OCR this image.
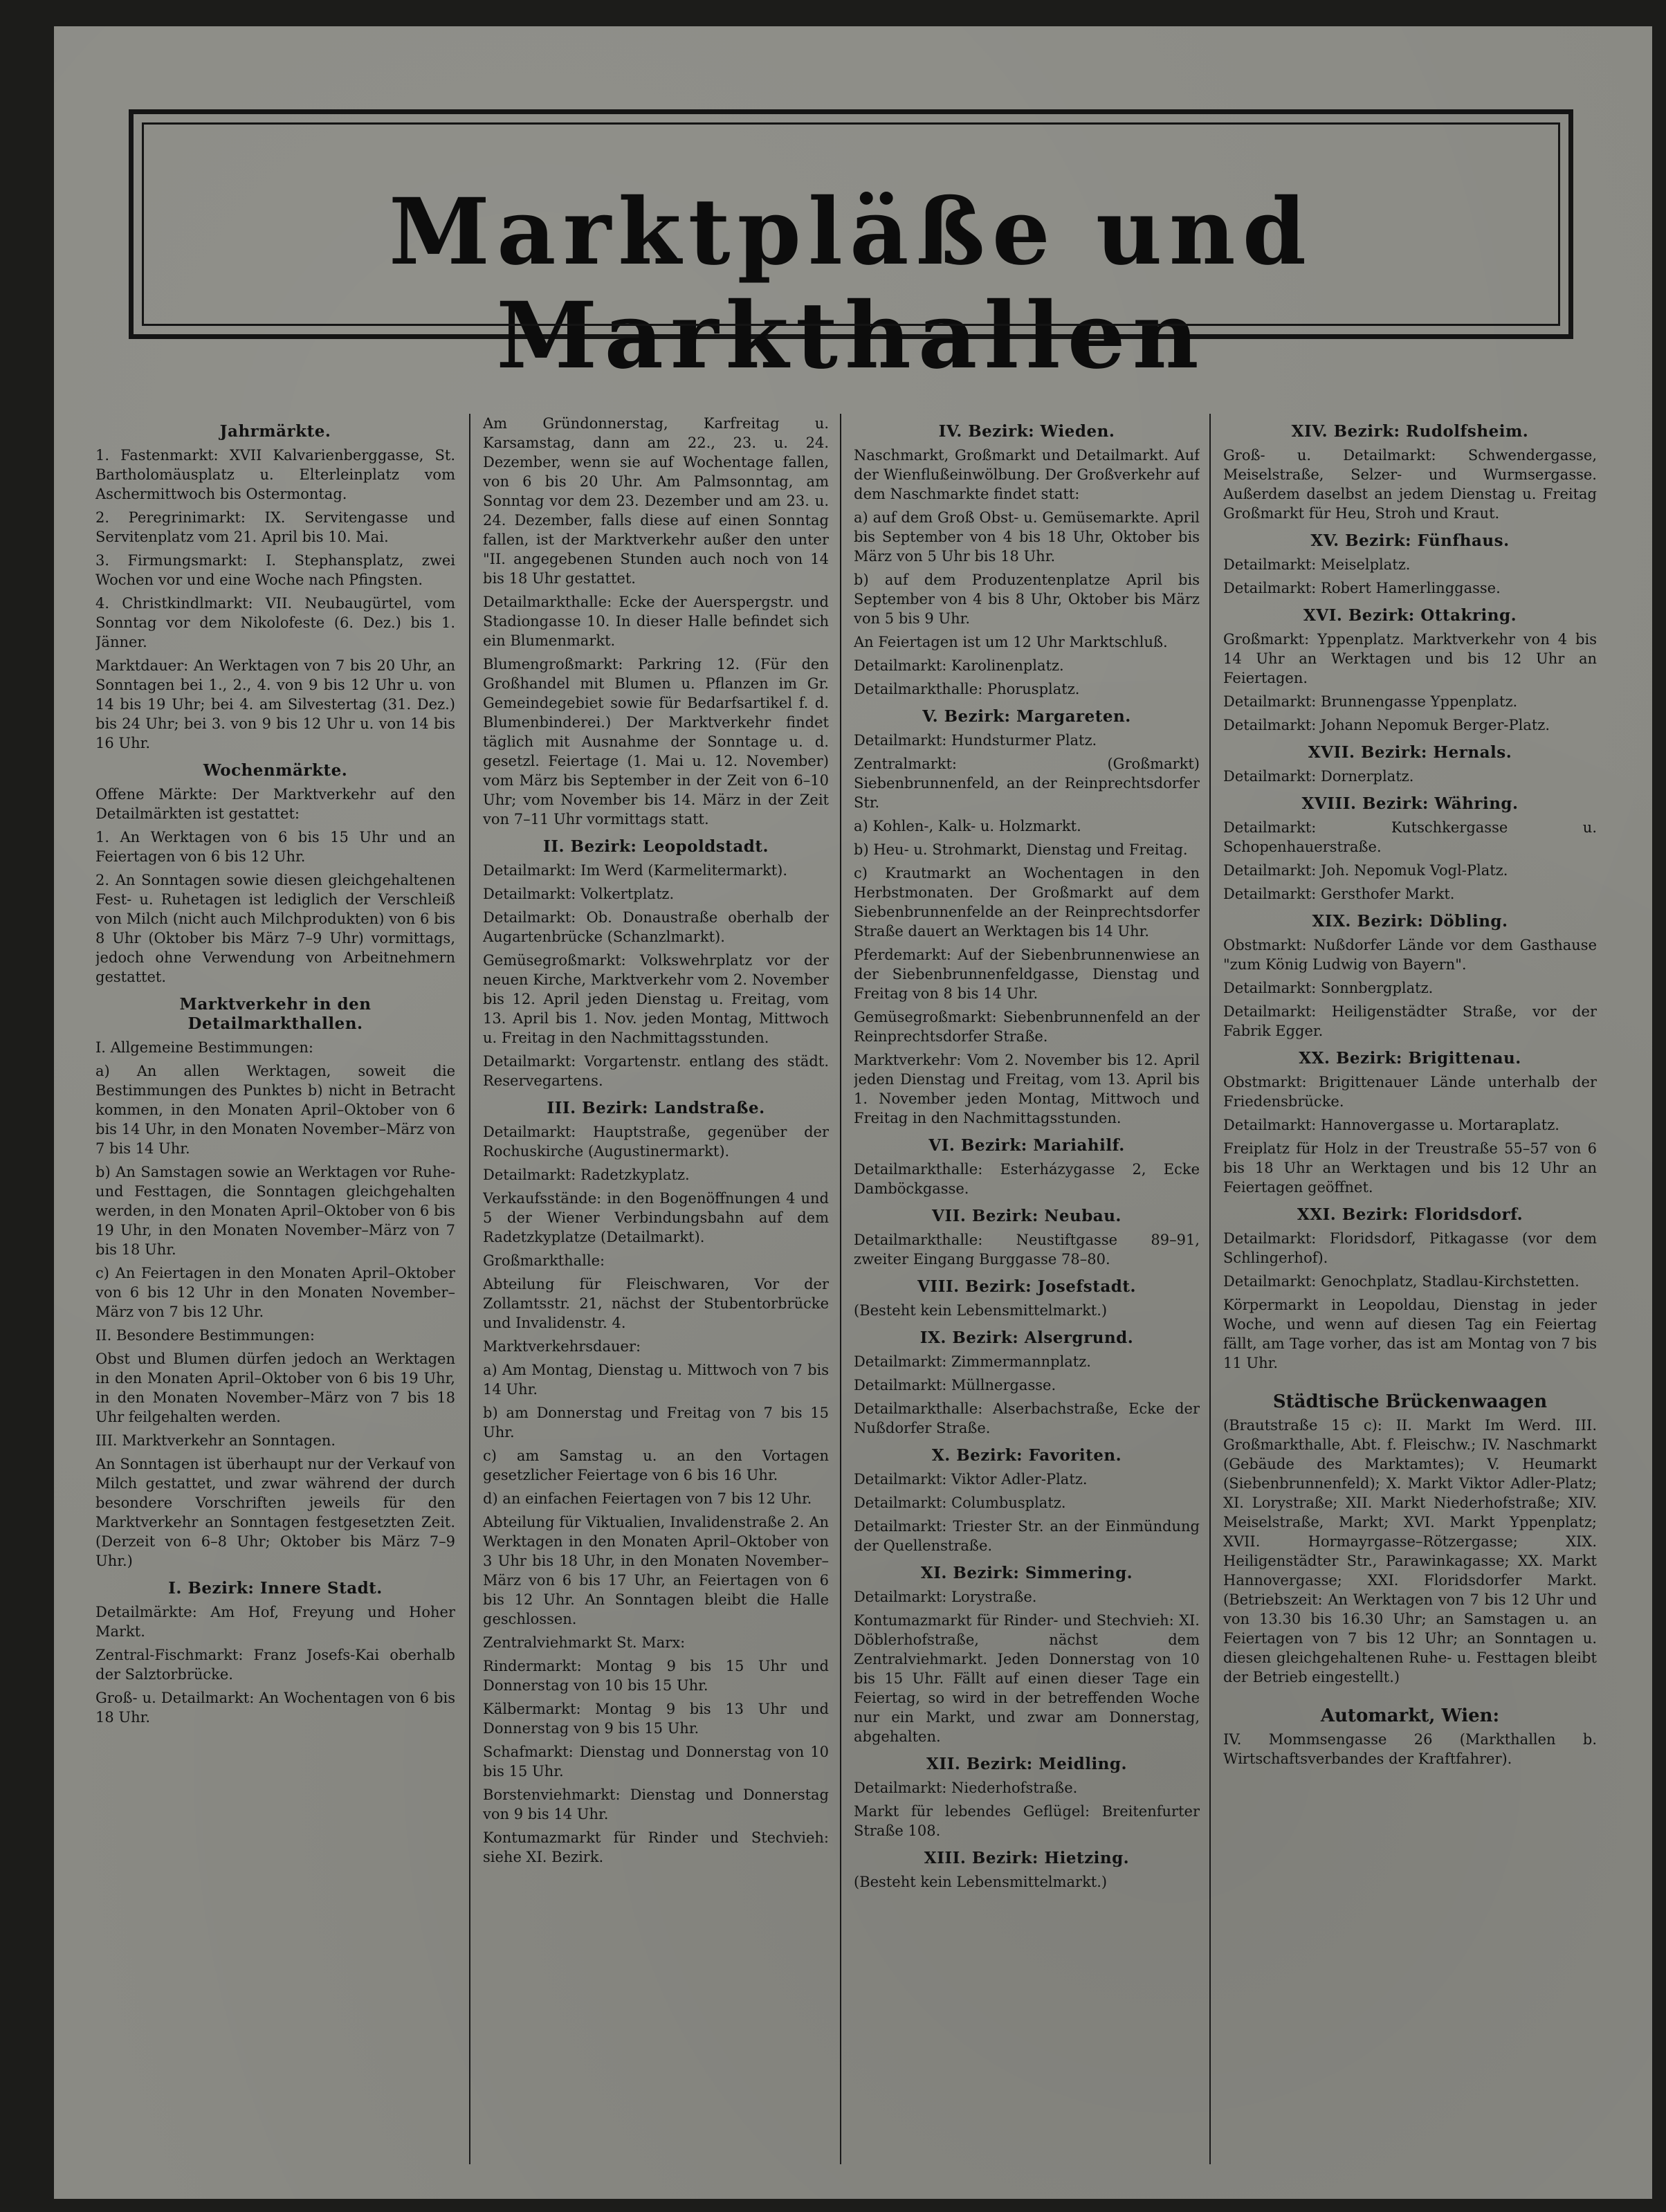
Marktpläße und Markthallen
Jahrmärkte.

1. Fastenmarkt: XVII Kalvarienberggasse, St. Bartholomäusplatz u. Elterleinplatz vom Aschermittwoch bis Ostermontag.

2. Peregrinimarkt: IX. Servitengasse und Servitenplatz vom 21. April bis 10. Mai.

3. Firmungsmarkt: I. Stephansplatz, zwei Wochen vor und eine Woche nach Pfingsten.

4. Christkindlmarkt: VII. Neubaugürtel, vom Sonntag vor dem Nikolofeste (6. Dez.) bis 1. Jänner.

Marktdauer: An Werktagen von 7 bis 20 Uhr, an Sonntagen bei 1., 2., 4. von 9 bis 12 Uhr u. von 14 bis 19 Uhr; bei 4. am Silvestertag (31. Dez.) bis 24 Uhr; bei 3. von 9 bis 12 Uhr u. von 14 bis 16 Uhr.

Wochenmärkte.

Offene Märkte: Der Marktverkehr auf den Detailmärkten ist gestattet:

1. An Werktagen von 6 bis 15 Uhr und an Feiertagen von 6 bis 12 Uhr.

2. An Sonntagen sowie diesen gleichgehaltenen Fest- u. Ruhetagen ist lediglich der Verschleiß von Milch (nicht auch Milchprodukten) von 6 bis 8 Uhr (Oktober bis März 7–9 Uhr) vormittags, jedoch ohne Verwendung von Arbeitnehmern gestattet.

Marktverkehr in den Detailmarkthallen.

I. Allgemeine Bestimmungen:

a) An allen Werktagen, soweit die Bestimmungen des Punktes b) nicht in Betracht kommen, in den Monaten April–Oktober von 6 bis 14 Uhr, in den Monaten November–März von 7 bis 14 Uhr.

b) An Samstagen sowie an Werktagen vor Ruhe- und Festtagen, die Sonntagen gleichgehalten werden, in den Monaten April–Oktober von 6 bis 19 Uhr, in den Monaten November–März von 7 bis 18 Uhr.

c) An Feiertagen in den Monaten April–Oktober von 6 bis 12 Uhr in den Monaten November–März von 7 bis 12 Uhr.

II. Besondere Bestimmungen:

Obst und Blumen dürfen jedoch an Werktagen in den Monaten April–Oktober von 6 bis 19 Uhr, in den Monaten November–März von 7 bis 18 Uhr feilgehalten werden.

III. Marktverkehr an Sonntagen.

An Sonntagen ist überhaupt nur der Verkauf von Milch gestattet, und zwar während der durch besondere Vorschriften jeweils für den Marktverkehr an Sonntagen festgesetzten Zeit. (Derzeit von 6–8 Uhr; Oktober bis März 7–9 Uhr.)

I. Bezirk: Innere Stadt.

Detailmärkte: Am Hof, Freyung und Hoher Markt.

Zentral-Fischmarkt: Franz Josefs-Kai oberhalb der Salztorbrücke.

Groß- u. Detailmarkt: An Wochentagen von 6 bis 18 Uhr.

Am Gründonnerstag, Karfreitag u. Karsamstag, dann am 22., 23. u. 24. Dezember, wenn sie auf Wochentage fallen, von 6 bis 20 Uhr. Am Palmsonntag, am Sonntag vor dem 23. Dezember und am 23. u. 24. Dezember, falls diese auf einen Sonntag fallen, ist der Marktverkehr außer den unter "II. angegebenen Stunden auch noch von 14 bis 18 Uhr gestattet.

Detailmarkthalle: Ecke der Auerspergstr. und Stadiongasse 10. In dieser Halle befindet sich ein Blumenmarkt.

Blumengroßmarkt: Parkring 12. (Für den Großhandel mit Blumen u. Pflanzen im Gr. Gemeindegebiet sowie für Bedarfsartikel f. d. Blumenbinderei.) Der Marktverkehr findet täglich mit Ausnahme der Sonntage u. d. gesetzl. Feiertage (1. Mai u. 12. November) vom März bis September in der Zeit von 6–10 Uhr; vom November bis 14. März in der Zeit von 7–11 Uhr vormittags statt.

II. Bezirk: Leopoldstadt.

Detailmarkt: Im Werd (Karmelitermarkt).

Detailmarkt: Volkertplatz.

Detailmarkt: Ob. Donaustraße oberhalb der Augartenbrücke (Schanzlmarkt).

Gemüsegroßmarkt: Volkswehrplatz vor der neuen Kirche, Marktverkehr vom 2. November bis 12. April jeden Dienstag u. Freitag, vom 13. April bis 1. Nov. jeden Montag, Mittwoch u. Freitag in den Nachmittagsstunden.

Detailmarkt: Vorgartenstr. entlang des städt. Reservegartens.

III. Bezirk: Landstraße.

Detailmarkt: Hauptstraße, gegenüber der Rochuskirche (Augustinermarkt).

Detailmarkt: Radetzkyplatz.

Verkaufsstände: in den Bogenöffnungen 4 und 5 der Wiener Verbindungsbahn auf dem Radetzkyplatze (Detailmarkt).

Großmarkthalle:

Abteilung für Fleischwaren, Vor der Zollamtsstr. 21, nächst der Stubentorbrücke und Invalidenstr. 4.

Marktverkehrsdauer:

a) Am Montag, Dienstag u. Mittwoch von 7 bis 14 Uhr.

b) am Donnerstag und Freitag von 7 bis 15 Uhr.

c) am Samstag u. an den Vortagen gesetzlicher Feiertage von 6 bis 16 Uhr.

d) an einfachen Feiertagen von 7 bis 12 Uhr.

Abteilung für Viktualien, Invalidenstraße 2. An Werktagen in den Monaten April–Oktober von 3 Uhr bis 18 Uhr, in den Monaten November–März von 6 bis 17 Uhr, an Feiertagen von 6 bis 12 Uhr. An Sonntagen bleibt die Halle geschlossen.

Zentralviehmarkt St. Marx:

Rindermarkt: Montag 9 bis 15 Uhr und Donnerstag von 10 bis 15 Uhr.

Kälbermarkt: Montag 9 bis 13 Uhr und Donnerstag von 9 bis 15 Uhr.

Schafmarkt: Dienstag und Donnerstag von 10 bis 15 Uhr.

Borstenviehmarkt: Dienstag und Donnerstag von 9 bis 14 Uhr.

Kontumazmarkt für Rinder und Stechvieh: siehe XI. Bezirk.

IV. Bezirk: Wieden.

Naschmarkt, Großmarkt und Detailmarkt. Auf der Wienflußeinwölbung. Der Großverkehr auf dem Naschmarkte findet statt:

a) auf dem Groß Obst- u. Gemüsemarkte. April bis September von 4 bis 18 Uhr, Oktober bis März von 5 Uhr bis 18 Uhr.

b) auf dem Produzentenplatze April bis September von 4 bis 8 Uhr, Oktober bis März von 5 bis 9 Uhr.

An Feiertagen ist um 12 Uhr Marktschluß.

Detailmarkt: Karolinenplatz.

Detailmarkthalle: Phorusplatz.

V. Bezirk: Margareten.

Detailmarkt: Hundsturmer Platz.

Zentralmarkt: (Großmarkt) Siebenbrunnenfeld, an der Reinprechtsdorfer Str.

a) Kohlen-, Kalk- u. Holzmarkt.

b) Heu- u. Strohmarkt, Dienstag und Freitag.

c) Krautmarkt an Wochentagen in den Herbstmonaten. Der Großmarkt auf dem Siebenbrunnenfelde an der Reinprechtsdorfer Straße dauert an Werktagen bis 14 Uhr.

Pferdemarkt: Auf der Siebenbrunnenwiese an der Siebenbrunnenfeldgasse, Dienstag und Freitag von 8 bis 14 Uhr.

Gemüsegroßmarkt: Siebenbrunnenfeld an der Reinprechtsdorfer Straße.

Marktverkehr: Vom 2. November bis 12. April jeden Dienstag und Freitag, vom 13. April bis 1. November jeden Montag, Mittwoch und Freitag in den Nachmittagsstunden.

VI. Bezirk: Mariahilf.

Detailmarkthalle: Esterházygasse 2, Ecke Damböckgasse.

VII. Bezirk: Neubau.

Detailmarkthalle: Neustiftgasse 89–91, zweiter Eingang Burggasse 78–80.

VIII. Bezirk: Josefstadt.

(Besteht kein Lebensmittelmarkt.)

IX. Bezirk: Alsergrund.

Detailmarkt: Zimmermannplatz.

Detailmarkt: Müllnergasse.

Detailmarkthalle: Alserbachstraße, Ecke der Nußdorfer Straße.

X. Bezirk: Favoriten.

Detailmarkt: Viktor Adler-Platz.

Detailmarkt: Columbusplatz.

Detailmarkt: Triester Str. an der Einmündung der Quellenstraße.

XI. Bezirk: Simmering.

Detailmarkt: Lorystraße.

Kontumazmarkt für Rinder- und Stechvieh: XI. Döblerhofstraße, nächst dem Zentralviehmarkt. Jeden Donnerstag von 10 bis 15 Uhr. Fällt auf einen dieser Tage ein Feiertag, so wird in der betreffenden Woche nur ein Markt, und zwar am Donnerstag, abgehalten.

XII. Bezirk: Meidling.

Detailmarkt: Niederhofstraße.

Markt für lebendes Geflügel: Breitenfurter Straße 108.

XIII. Bezirk: Hietzing.

(Besteht kein Lebensmittelmarkt.)

XIV. Bezirk: Rudolfsheim.

Groß- u. Detailmarkt: Schwendergasse, Meiselstraße, Selzer- und Wurmsergasse. Außerdem daselbst an jedem Dienstag u. Freitag Großmarkt für Heu, Stroh und Kraut.

XV. Bezirk: Fünfhaus.

Detailmarkt: Meiselplatz.

Detailmarkt: Robert Hamerlinggasse.

XVI. Bezirk: Ottakring.

Großmarkt: Yppenplatz. Marktverkehr von 4 bis 14 Uhr an Werktagen und bis 12 Uhr an Feiertagen.

Detailmarkt: Brunnengasse Yppenplatz.

Detailmarkt: Johann Nepomuk Berger-Platz.

XVII. Bezirk: Hernals.

Detailmarkt: Dornerplatz.

XVIII. Bezirk: Währing.

Detailmarkt: Kutschkergasse u. Schopenhauerstraße.

Detailmarkt: Joh. Nepomuk Vogl-Platz.

Detailmarkt: Gersthofer Markt.

XIX. Bezirk: Döbling.

Obstmarkt: Nußdorfer Lände vor dem Gasthause "zum König Ludwig von Bayern".

Detailmarkt: Sonnbergplatz.

Detailmarkt: Heiligenstädter Straße, vor der Fabrik Egger.

XX. Bezirk: Brigittenau.

Obstmarkt: Brigittenauer Lände unterhalb der Friedensbrücke.

Detailmarkt: Hannovergasse u. Mortaraplatz.

Freiplatz für Holz in der Treustraße 55–57 von 6 bis 18 Uhr an Werktagen und bis 12 Uhr an Feiertagen geöffnet.

XXI. Bezirk: Floridsdorf.

Detailmarkt: Floridsdorf, Pitkagasse (vor dem Schlingerhof).

Detailmarkt: Genochplatz, Stadlau-Kirchstetten.

Körpermarkt in Leopoldau, Dienstag in jeder Woche, und wenn auf diesen Tag ein Feiertag fällt, am Tage vorher, das ist am Montag von 7 bis 11 Uhr.

Städtische Brückenwaagen

(Brautstraße 15 c): II. Markt Im Werd. III. Großmarkthalle, Abt. f. Fleischw.; IV. Naschmarkt (Gebäude des Marktamtes); V. Heumarkt (Siebenbrunnenfeld); X. Markt Viktor Adler-Platz; XI. Lorystraße; XII. Markt Niederhofstraße; XIV. Meiselstraße, Markt; XVI. Markt Yppenplatz; XVII. Hormayrgasse–Rötzergasse; XIX. Heiligenstädter Str., Parawinkagasse; XX. Markt Hannovergasse; XXI. Floridsdorfer Markt. (Betriebszeit: An Werktagen von 7 bis 12 Uhr und von 13.30 bis 16.30 Uhr; an Samstagen u. an Feiertagen von 7 bis 12 Uhr; an Sonntagen u. diesen gleichgehaltenen Ruhe- u. Festtagen bleibt der Betrieb eingestellt.)

Automarkt, Wien:

IV. Mommsengasse 26 (Markthallen b. Wirtschaftsverbandes der Kraftfahrer).
